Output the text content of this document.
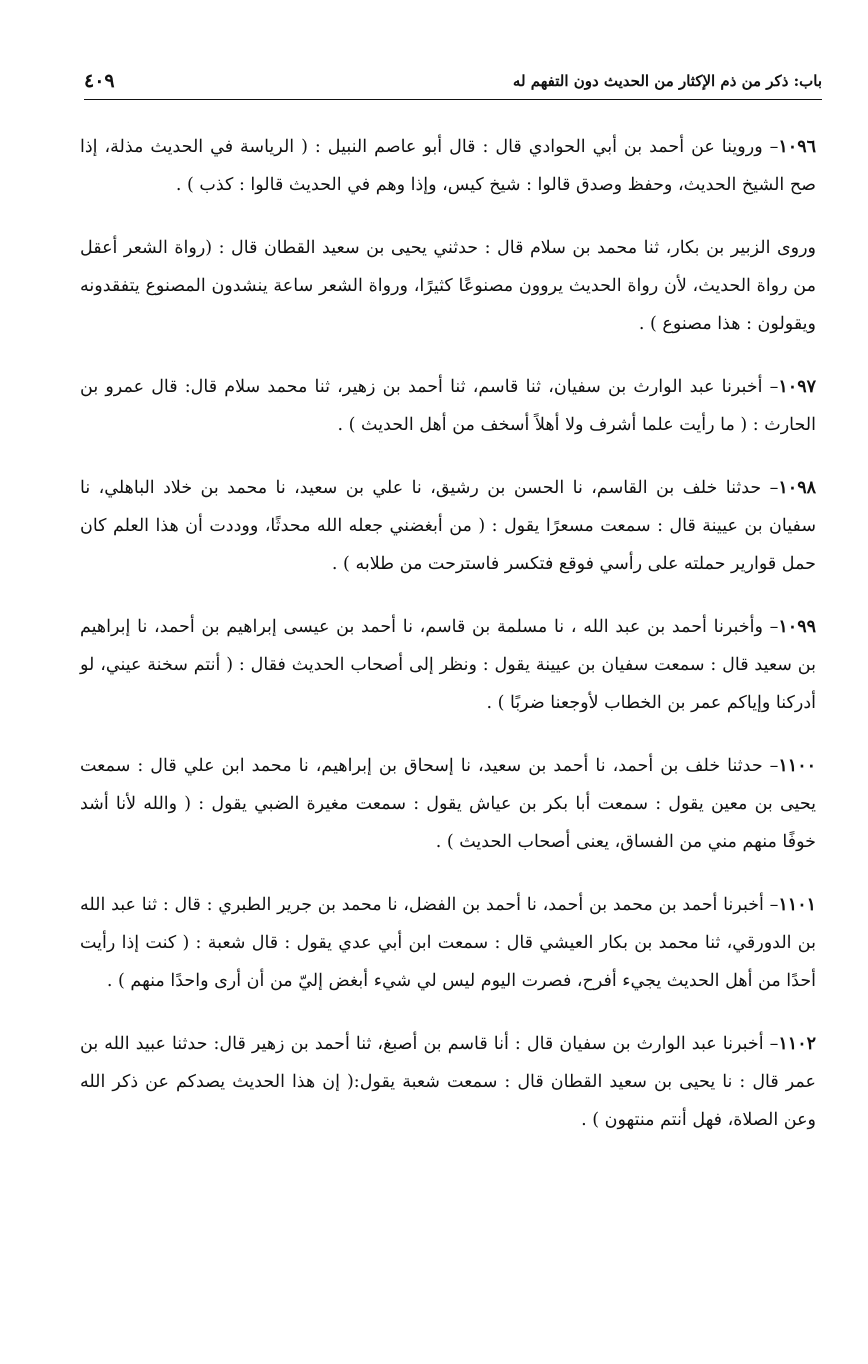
باب: ذكر من ذم الإكثار من الحديث دون التفهم له
٤٠٩

١٠٩٦– وروينا عن أحمد بن أبي الحوادي قال : قال أبو عاصم النبيل : ( الرياسة في الحديث مذلة، إذا صح الشيخ الحديث، وحفظ وصدق قالوا : شيخ كيس، وإذا وهم في الحديث قالوا : كذب ) .

وروى الزبير بن بكار، ثنا محمد بن سلام قال : حدثني يحيى بن سعيد القطان قال : (رواة الشعر أعقل من رواة الحديث، لأن رواة الحديث يروون مصنوعًا كثيرًا، ورواة الشعر ساعة ينشدون المصنوع يتفقدونه ويقولون : هذا مصنوع ) .

١٠٩٧– أخبرنا عبد الوارث بن سفيان، ثنا قاسم، ثنا أحمد بن زهير، ثنا محمد سلام قال: قال عمرو بن الحارث : ( ما رأيت علما أشرف ولا أهلاً أسخف من أهل الحديث ) .

١٠٩٨– حدثنا خلف بن القاسم، نا الحسن بن رشيق، نا علي بن سعيد، نا محمد بن خلاد الباهلي، نا سفيان بن عيينة قال : سمعت مسعرًا يقول : ( من أبغضني جعله الله محدثًا، ووددت أن هذا العلم كان حمل قوارير حملته على رأسي فوقع فتكسر فاسترحت من طلابه ) .

١٠٩٩– وأخبرنا أحمد بن عبد الله ، نا مسلمة بن قاسم، نا أحمد بن عيسى إبراهيم بن أحمد، نا إبراهيم بن سعيد قال : سمعت سفيان بن عيينة يقول : ونظر إلى أصحاب الحديث فقال : ( أنتم سخنة عيني، لو أدركنا وإياكم عمر بن الخطاب لأوجعنا ضربًا ) .

١١٠٠– حدثنا خلف بن أحمد، نا أحمد بن سعيد، نا إسحاق بن إبراهيم، نا محمد ابن علي قال : سمعت يحيى بن معين يقول : سمعت أبا بكر بن عياش يقول : سمعت مغيرة الضبي يقول : ( والله لأنا أشد خوفًا منهم مني من الفساق، يعنى أصحاب الحديث ) .

١١٠١– أخبرنا أحمد بن محمد بن أحمد، نا أحمد بن الفضل، نا محمد بن جرير الطبري : قال : ثنا عبد الله بن الدورقي، ثنا محمد بن بكار العيشي قال : سمعت ابن أبي عدي يقول : قال شعبة : ( كنت إذا رأيت أحدًا من أهل الحديث يجيء أفرح، فصرت اليوم ليس لي شيء أبغض إليّ من أن أرى واحدًا منهم ) .

١١٠٢– أخبرنا عبد الوارث بن سفيان قال : أنا قاسم بن أصبغ، ثنا أحمد بن زهير قال: حدثنا عبيد الله بن عمر قال : نا يحيى بن سعيد القطان قال : سمعت شعبة يقول:( إن هذا الحديث يصدكم عن ذكر الله وعن الصلاة، فهل أنتم منتهون ) .
